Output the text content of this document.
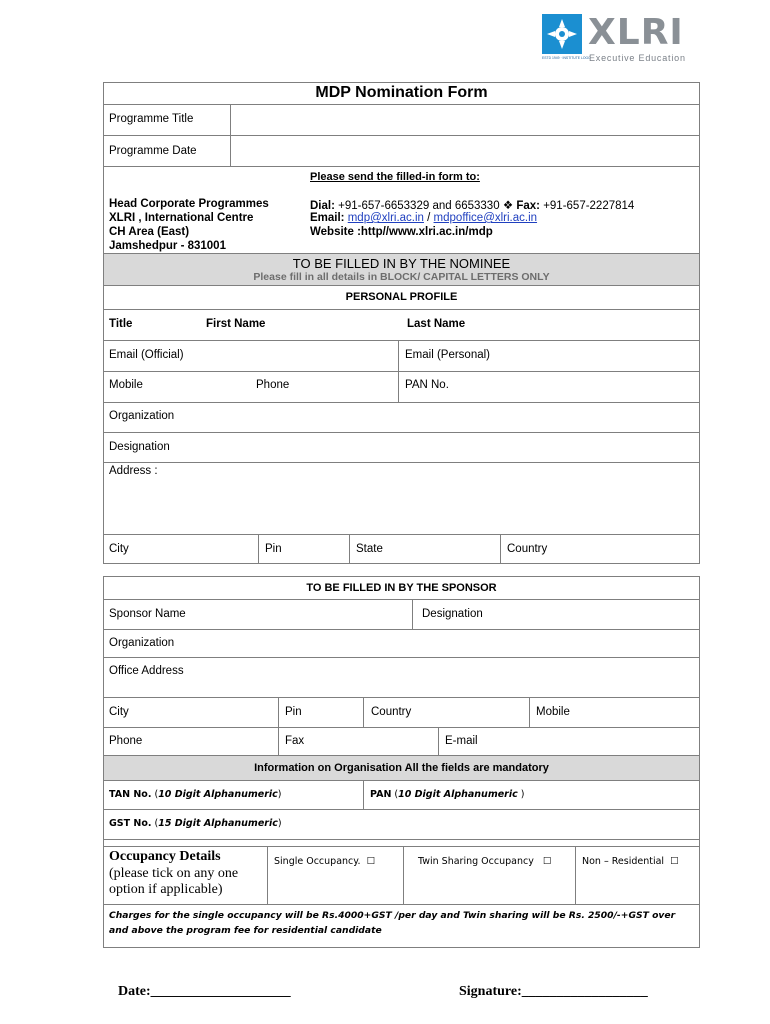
ESTD 1949 · INSTITUTE LOGO
XLRI
Executive Education
MDP Nomination Form
Programme Title
Programme Date
Please send the filled-in form to:
Head Corporate Programmes
XLRI , International Centre
CH Area (East)
Jamshedpur - 831001
Dial: +91-657-6653329 and 6653330 ❖ Fax: +91-657-2227814
Email: mdp@xlri.ac.in / mdpoffice@xlri.ac.in
Website :http//www.xlri.ac.in/mdp
TO BE FILLED IN BY THE NOMINEE
Please fill in all details in BLOCK/ CAPITAL LETTERS ONLY
PERSONAL PROFILE
Title	First Name	Last Name
Email (Official)	Email (Personal)
Mobile	Phone	PAN No.
Organization
Designation
Address :
City	Pin	State	Country
TO BE FILLED IN BY THE SPONSOR
Sponsor Name	Designation
Organization
Office Address
City	Pin	Country	Mobile
Phone	Fax	E-mail
Information on Organisation All the fields are mandatory
TAN No. (10 Digit Alphanumeric)	PAN (10 Digit Alphanumeric )
GST No. (15 Digit Alphanumeric)
Occupancy Details
(please tick on any one option if applicable)
Single Occupancy. ☐	Twin Sharing Occupancy ☐	Non – Residential ☐
Charges for the single occupancy will be Rs.4000+GST /per day and Twin sharing will be Rs. 2500/-+GST over and above the program fee for residential candidate
Date:____________________	Signature:__________________
